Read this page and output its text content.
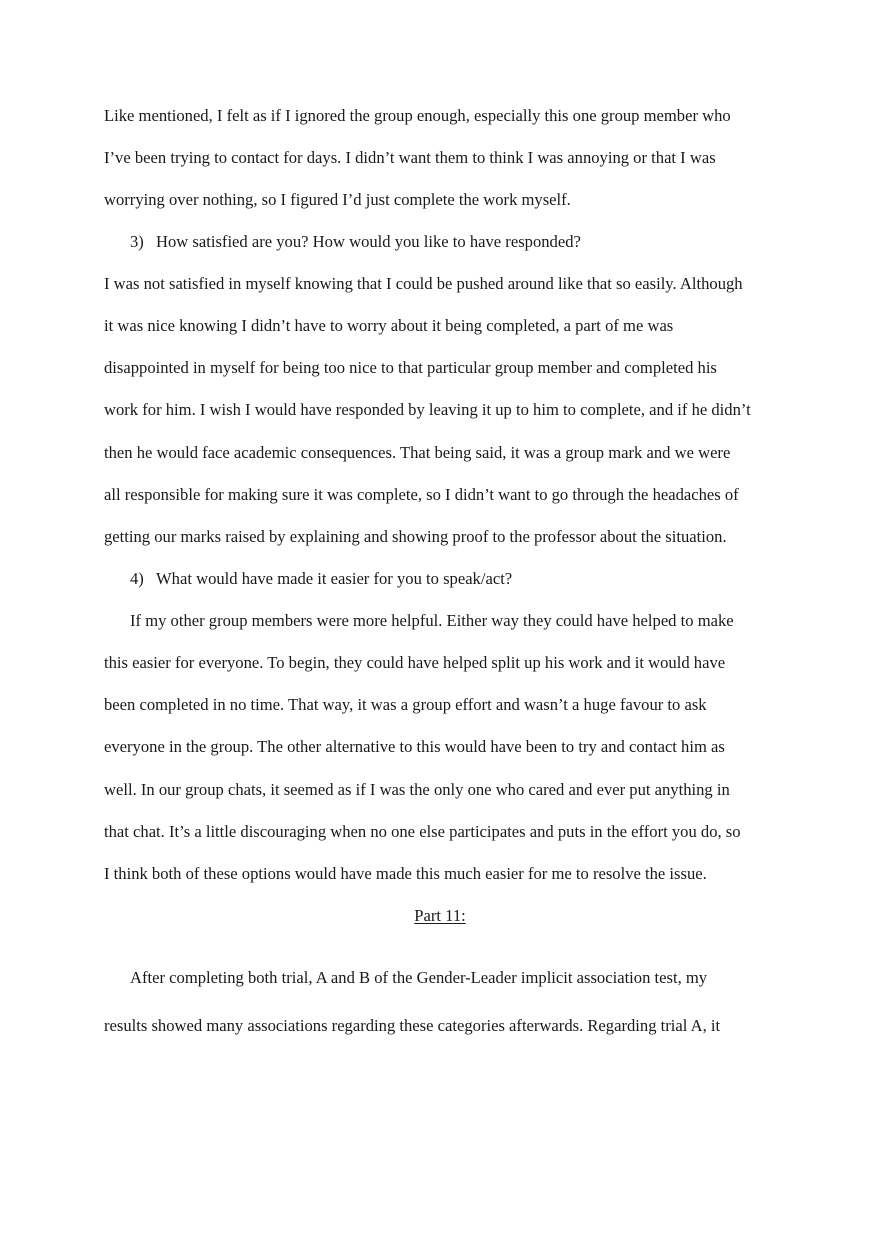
Like mentioned, I felt as if I ignored the group enough, especially this one group member who
I’ve been trying to contact for days. I didn’t want them to think I was annoying or that I was
worrying over nothing, so I figured I’d just complete the work myself.
3) How satisfied are you? How would you like to have responded?
I was not satisfied in myself knowing that I could be pushed around like that so easily. Although
it was nice knowing I didn’t have to worry about it being completed, a part of me was
disappointed in myself for being too nice to that particular group member and completed his
work for him. I wish I would have responded by leaving it up to him to complete, and if he didn’t
then he would face academic consequences. That being said, it was a group mark and we were
all responsible for making sure it was complete, so I didn’t want to go through the headaches of
getting our marks raised by explaining and showing proof to the professor about the situation.
4) What would have made it easier for you to speak/act?
If my other group members were more helpful. Either way they could have helped to make
this easier for everyone. To begin, they could have helped split up his work and it would have
been completed in no time. That way, it was a group effort and wasn’t a huge favour to ask
everyone in the group. The other alternative to this would have been to try and contact him as
well. In our group chats, it seemed as if I was the only one who cared and ever put anything in
that chat. It’s a little discouraging when no one else participates and puts in the effort you do, so
I think both of these options would have made this much easier for me to resolve the issue.
Part 11:
After completing both trial, A and B of the Gender-Leader implicit association test, my
results showed many associations regarding these categories afterwards. Regarding trial A, it
